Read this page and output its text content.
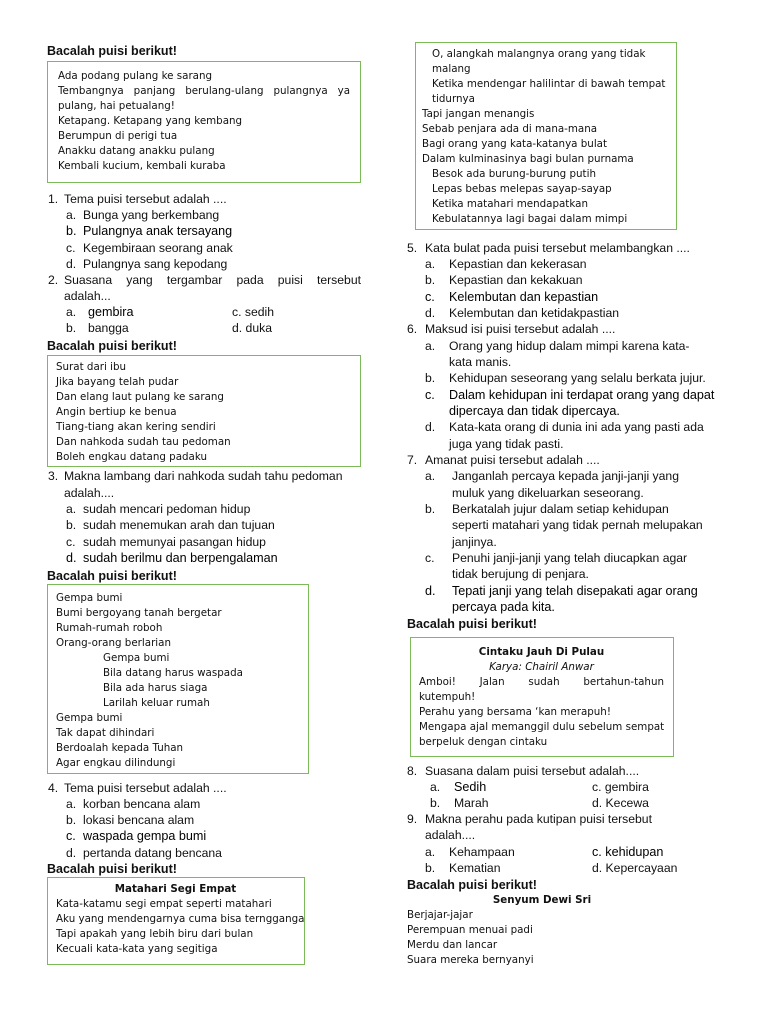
Bacalah puisi berikut!
Ada podang pulang ke sarang
Tembangnya panjang berulang-ulang pulangnya ya
pulang, hai petualang!
Ketapang. Ketapang yang kembang
Berumpun di perigi tua
Anakku datang anakku pulang
Kembali kucium, kembali kuraba
1. Tema puisi tersebut adalah ....
a. Bunga yang berkembang
b. Pulangnya anak tersayang
c. Kegembiraan seorang anak
d. Pulangnya sang kepodang
2. Suasana yang tergambar pada puisi tersebut
adalah...
a. gembira	c. sedih
b. bangga	d. duka
Bacalah puisi berikut!
Surat dari ibu
Jika bayang telah pudar
Dan elang laut pulang ke sarang
Angin bertiup ke benua
Tiang-tiang akan kering sendiri
Dan nahkoda sudah tau pedoman
Boleh engkau datang padaku
3. Makna lambang dari nahkoda sudah tahu pedoman
adalah....
a. sudah mencari pedoman hidup
b. sudah menemukan arah dan tujuan
c. sudah memunyai pasangan hidup
d. sudah berilmu dan berpengalaman
Bacalah puisi berikut!
Gempa bumi
Bumi bergoyang tanah bergetar
Rumah-rumah roboh
Orang-orang berlarian
Gempa bumi
Bila datang harus waspada
Bila ada harus siaga
Larilah keluar rumah
Gempa bumi
Tak dapat dihindari
Berdoalah kepada Tuhan
Agar engkau dilindungi
4. Tema puisi tersebut adalah ....
a. korban bencana alam
b. lokasi bencana alam
c. waspada gempa bumi
d. pertanda datang bencana
Bacalah puisi berikut!
Matahari Segi Empat
Kata-katamu segi empat seperti matahari
Aku yang mendengarnya cuma bisa terngganga
Tapi apakah yang lebih biru dari bulan
Kecuali kata-kata yang segitiga
O, alangkah malangnya orang yang tidak
malang
Ketika mendengar halilintar di bawah tempat
tidurnya
Tapi jangan menangis
Sebab penjara ada di mana-mana
Bagi orang yang kata-katanya bulat
Dalam kulminasinya bagi bulan purnama
Besok ada burung-burung putih
Lepas bebas melepas sayap-sayap
Ketika matahari mendapatkan
Kebulatannya lagi bagai dalam mimpi
5. Kata bulat pada puisi tersebut melambangkan ....
a. Kepastian dan kekerasan
b. Kepastian dan kekakuan
c. Kelembutan dan kepastian
d. Kelembutan dan ketidakpastian
6. Maksud isi puisi tersebut adalah ....
a. Orang yang hidup dalam mimpi karena kata-
kata manis.
b. Kehidupan seseorang yang selalu berkata jujur.
c. Dalam kehidupan ini terdapat orang yang dapat
dipercaya dan tidak dipercaya.
d. Kata-kata orang di dunia ini ada yang pasti ada
juga yang tidak pasti.
7. Amanat puisi tersebut adalah ....
a. Janganlah percaya kepada janji-janji yang
muluk yang dikeluarkan seseorang.
b. Berkatalah jujur dalam setiap kehidupan
seperti matahari yang tidak pernah melupakan
janjinya.
c. Penuhi janji-janji yang telah diucapkan agar
tidak berujung di penjara.
d. Tepati janji yang telah disepakati agar orang
percaya pada kita.
Bacalah puisi berikut!
Cintaku Jauh Di Pulau
Karya: Chairil Anwar
Amboi! Jalan sudah bertahun-tahun
kutempuh!
Perahu yang bersama ‘kan merapuh!
Mengapa ajal memanggil dulu sebelum sempat
berpeluk dengan cintaku
8. Suasana dalam puisi tersebut adalah....
a. Sedih	c. gembira
b. Marah	d. Kecewa
9. Makna perahu pada kutipan puisi tersebut
adalah....
a. Kehampaan	c. kehidupan
b. Kematian	d. Kepercayaan
Bacalah puisi berikut!
Senyum Dewi Sri
Berjajar-jajar
Perempuan menuai padi
Merdu dan lancar
Suara mereka bernyanyi
